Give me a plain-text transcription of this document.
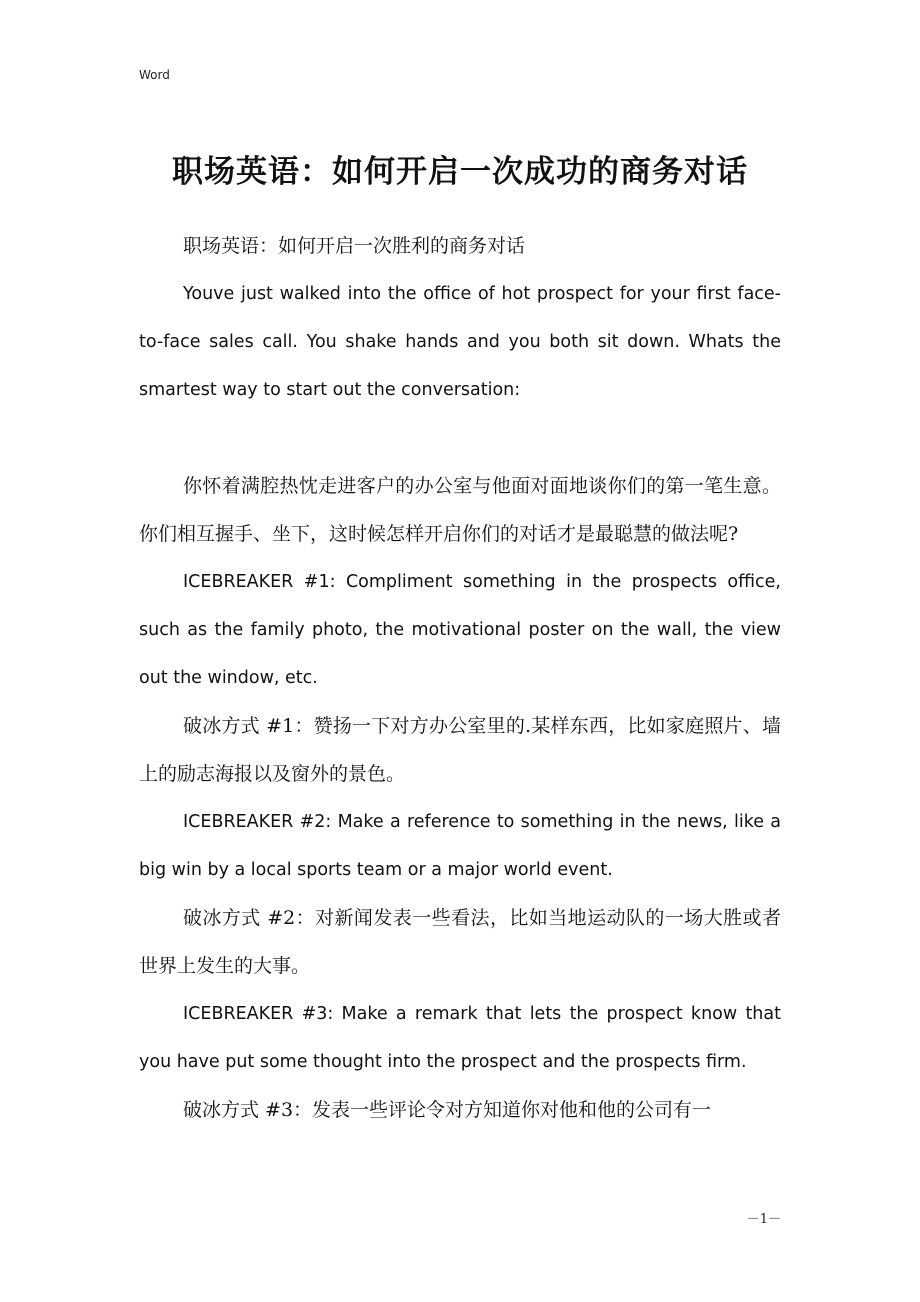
Word
职场英语：如何开启一次成功的商务对话

职场英语：如何开启一次胜利的商务对话

Youve just walked into the office of hot prospect for your first face-to-face sales call. You shake hands and you both sit down. Whats the smartest way to start out the conversation:

你怀着满腔热忱走进客户的办公室与他面对面地谈你们的第一笔生意。你们相互握手、坐下，这时候怎样开启你们的对话才是最聪慧的做法呢?

ICEBREAKER #1: Compliment something in the prospects office, such as the family photo, the motivational poster on the wall, the view out the window, etc.

破冰方式 #1：赞扬一下对方办公室里的.某样东西，比如家庭照片、墙上的励志海报以及窗外的景色。

ICEBREAKER #2: Make a reference to something in the news, like a big win by a local sports team or a major world event.

破冰方式 #2：对新闻发表一些看法，比如当地运动队的一场大胜或者世界上发生的大事。

ICEBREAKER #3: Make a remark that lets the prospect know that you have put some thought into the prospect and the prospects firm.

破冰方式 #3：发表一些评论令对方知道你对他和他的公司有一

－1－
